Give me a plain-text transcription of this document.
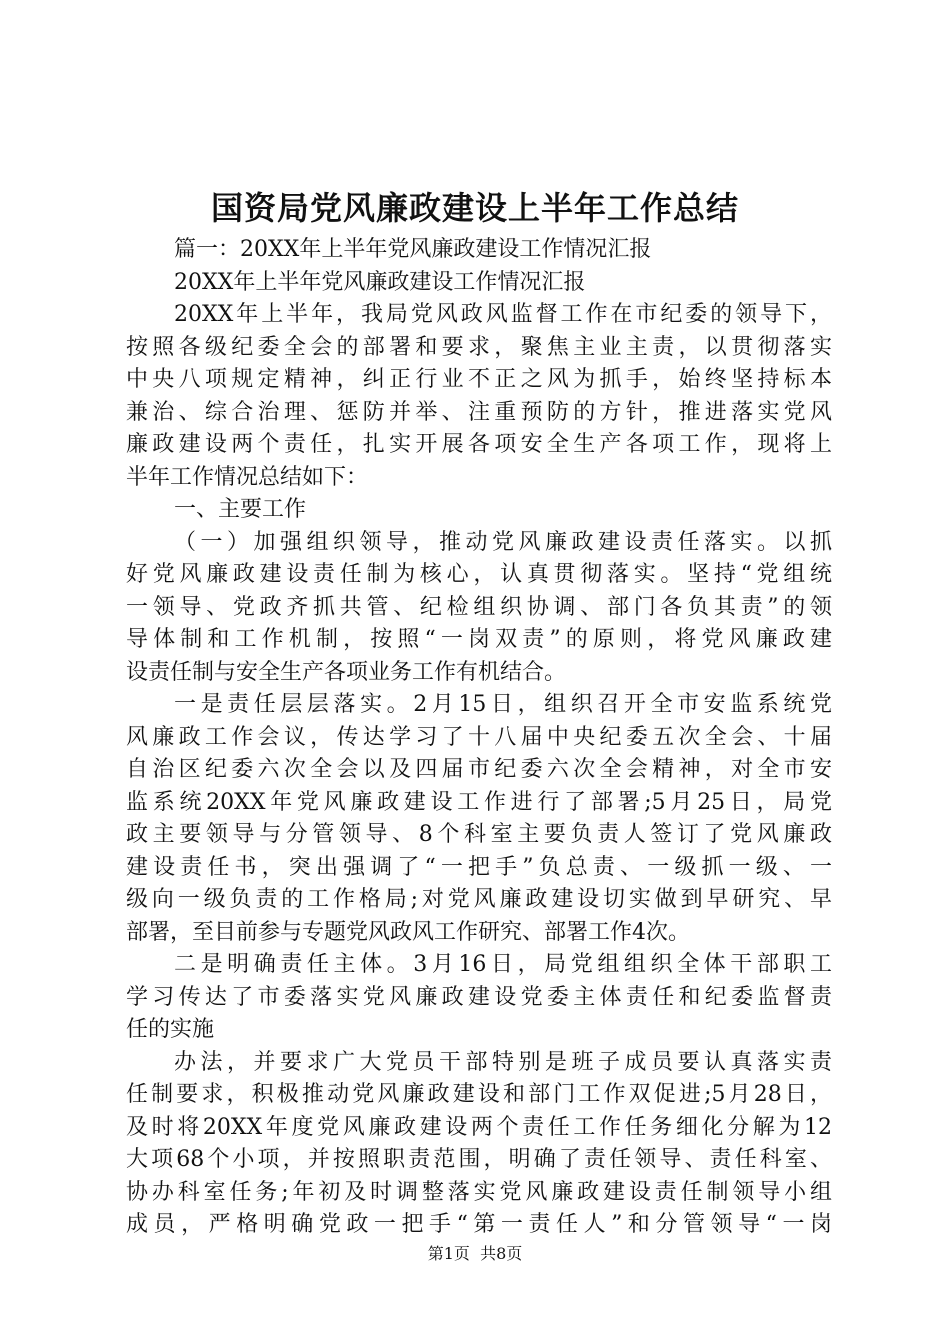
国资局党风廉政建设上半年工作总结
篇一：20XX年上半年党风廉政建设工作情况汇报
20XX年上半年党风廉政建设工作情况汇报
20XX年上半年，我局党风政风监督工作在市纪委的领导下，
按照各级纪委全会的部署和要求，聚焦主业主责，以贯彻落实
中央八项规定精神，纠正行业不正之风为抓手，始终坚持标本
兼治、综合治理、惩防并举、注重预防的方针，推进落实党风
廉政建设两个责任，扎实开展各项安全生产各项工作，现将上
半年工作情况总结如下：
一、主要工作
（一）加强组织领导，推动党风廉政建设责任落实。以抓
好党风廉政建设责任制为核心，认真贯彻落实。坚持“党组统
一领导、党政齐抓共管、纪检组织协调、部门各负其责”的领
导体制和工作机制，按照“一岗双责”的原则，将党风廉政建
设责任制与安全生产各项业务工作有机结合。
一是责任层层落实。2月15日，组织召开全市安监系统党
风廉政工作会议，传达学习了十八届中央纪委五次全会、十届
自治区纪委六次全会以及四届市纪委六次全会精神，对全市安
监系统20XX年党风廉政建设工作进行了部署;5月25日，局党
政主要领导与分管领导、8个科室主要负责人签订了党风廉政
建设责任书，突出强调了“一把手”负总责、一级抓一级、一
级向一级负责的工作格局;对党风廉政建设切实做到早研究、早
部署，至目前参与专题党风政风工作研究、部署工作4次。
二是明确责任主体。3月16日，局党组组织全体干部职工
学习传达了市委落实党风廉政建设党委主体责任和纪委监督责
任的实施
办法，并要求广大党员干部特别是班子成员要认真落实责
任制要求，积极推动党风廉政建设和部门工作双促进;5月28日，
及时将20XX年度党风廉政建设两个责任工作任务细化分解为12
大项68个小项，并按照职责范围，明确了责任领导、责任科室、
协办科室任务;年初及时调整落实党风廉政建设责任制领导小组
成员，严格明确党政一把手“第一责任人”和分管领导“一岗
第1页  共8页
